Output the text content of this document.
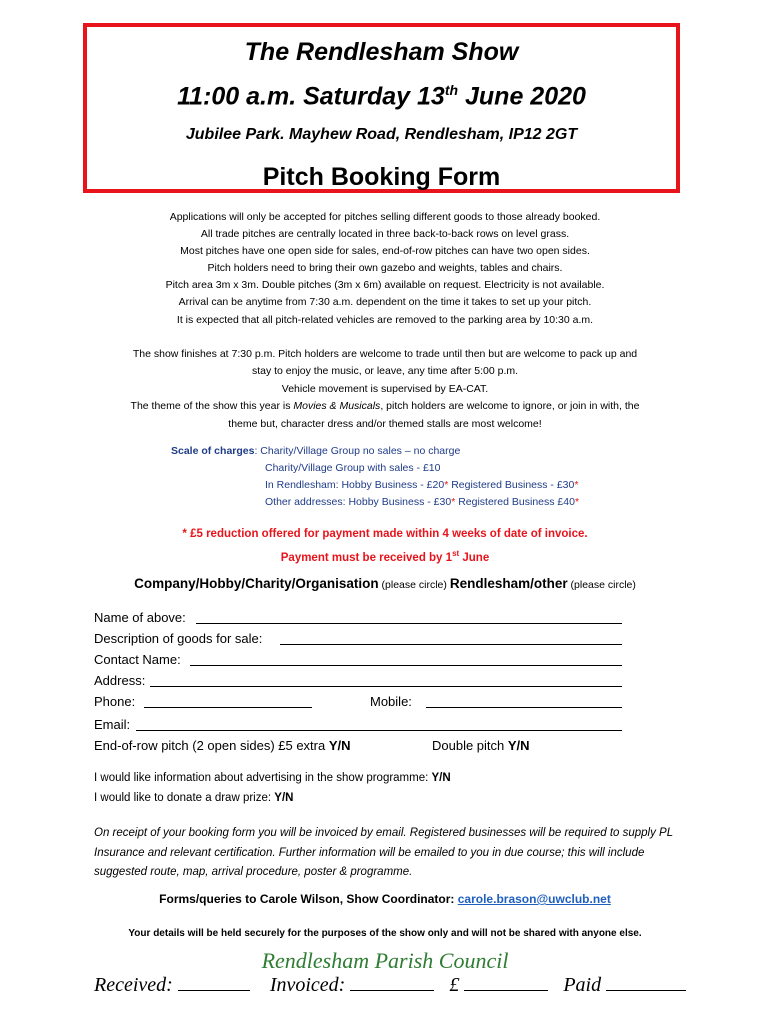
The Rendlesham Show
11:00 a.m. Saturday 13th June 2020
Jubilee Park. Mayhew Road, Rendlesham, IP12 2GT
Pitch Booking Form

Applications will only be accepted for pitches selling different goods to those already booked.

All trade pitches are centrally located in three back-to-back rows on level grass.

Most pitches have one open side for sales, end-of-row pitches can have two open sides.

Pitch holders need to bring their own gazebo and weights, tables and chairs.

Pitch area 3m x 3m. Double pitches (3m x 6m) available on request. Electricity is not available.

Arrival can be anytime from 7:30 a.m. dependent on the time it takes to set up your pitch.

It is expected that all pitch-related vehicles are removed to the parking area by 10:30 a.m.

The show finishes at 7:30 p.m. Pitch holders are welcome to trade until then but are welcome to pack up and

stay to enjoy the music, or leave, any time after 5:00 p.m.

Vehicle movement is supervised by EA-CAT.

The theme of the show this year is Movies & Musicals, pitch holders are welcome to ignore, or join in with, the

theme but, character dress and/or themed stalls are most welcome!

Scale of charges: Charity/Village Group no sales – no charge
Charity/Village Group with sales - £10
In Rendlesham: Hobby Business - £20* Registered Business - £30*
Other addresses: Hobby Business - £30* Registered Business £40*
* £5 reduction offered for payment made within 4 weeks of date of invoice.
Payment must be received by 1st June
Company/Hobby/Charity/Organisation (please circle) Rendlesham/other (please circle)
Name of above:
Description of goods for sale:
Contact Name:
Address:
Phone:	Mobile:
Email:
End-of-row pitch (2 open sides) £5 extra Y/N	Double pitch Y/N
I would like information about advertising in the show programme: Y/N
I would like to donate a draw prize: Y/N
On receipt of your booking form you will be invoiced by email. Registered businesses will be required to supply PL Insurance and relevant certification. Further information will be emailed to you in due course; this will include suggested route, map, arrival procedure, poster & programme.
Forms/queries to Carole Wilson, Show Coordinator: carole.brason@uwclub.net
Your details will be held securely for the purposes of the show only and will not be shared with anyone else.
Rendlesham Parish Council
Received:	Invoiced:	£	Paid
